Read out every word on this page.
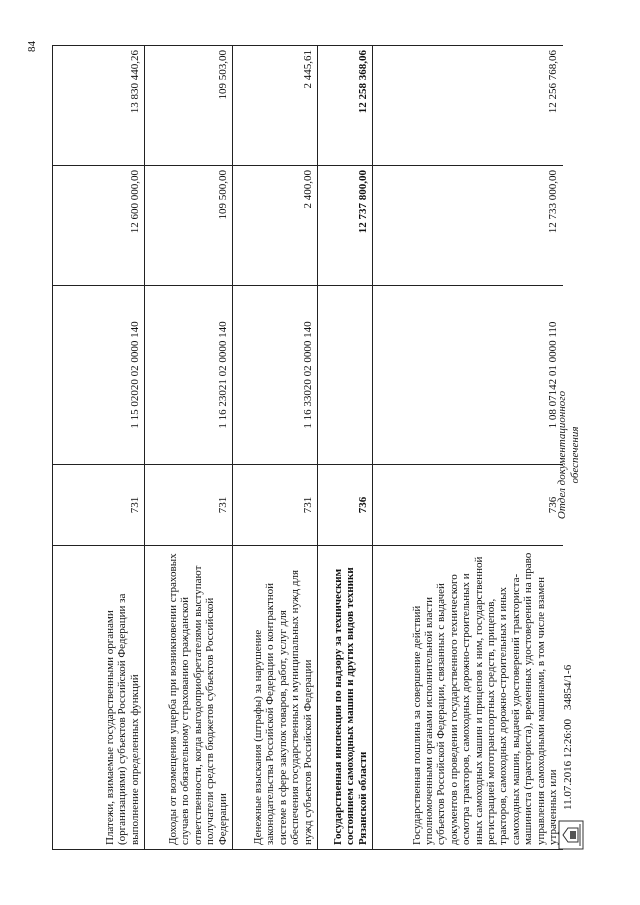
84
Платежи, взимаемые государственными органами (организациями) субъектов Российской Федерации за выполнение определенных функций	731	1 15 02020 02 0000 140	12 600 000,00	13 830 440,26
Доходы от возмещения ущерба при возникновении страховых случаев по обязательному страхованию гражданской ответственности, когда выгодоприобретателями выступают получатели средств бюджетов субъектов Российской Федерации	731	1 16 23021 02 0000 140	109 500,00	109 503,00
Денежные взыскания (штрафы) за нарушение законодательства Российской Федерации о контрактной системе в сфере закупок товаров, работ, услуг для обеспечения государственных и муниципальных нужд для нужд субъектов Российской Федерации	731	1 16 33020 02 0000 140	2 400,00	2 445,61
Государственная инспекция по надзору за техническим состоянием самоходных машин и других видов техники Рязанской области	736		12 737 800,00	12 258 368,06
Государственная пошлина за совершение действий уполномоченными органами исполнительной власти субъектов Российской Федерации, связанных с выдачей документов о проведении государственного технического осмотра тракторов, самоходных дорожно-строительных и иных самоходных машин и прицепов к ним, государственной регистрацией мототранспортных средств, прицепов, тракторов, самоходных дорожно-строительных и иных самоходных машин, выдачей удостоверений тракториста-машиниста (тракториста), временных удостоверений на право управления самоходными машинами, в том числе взамен утраченных или	736	1 08 07142 01 0000 110	12 733 000,00	12 256 768,06
11.07.2016 12:26:00
34854/1-6
Отдел документационного обеспечения
